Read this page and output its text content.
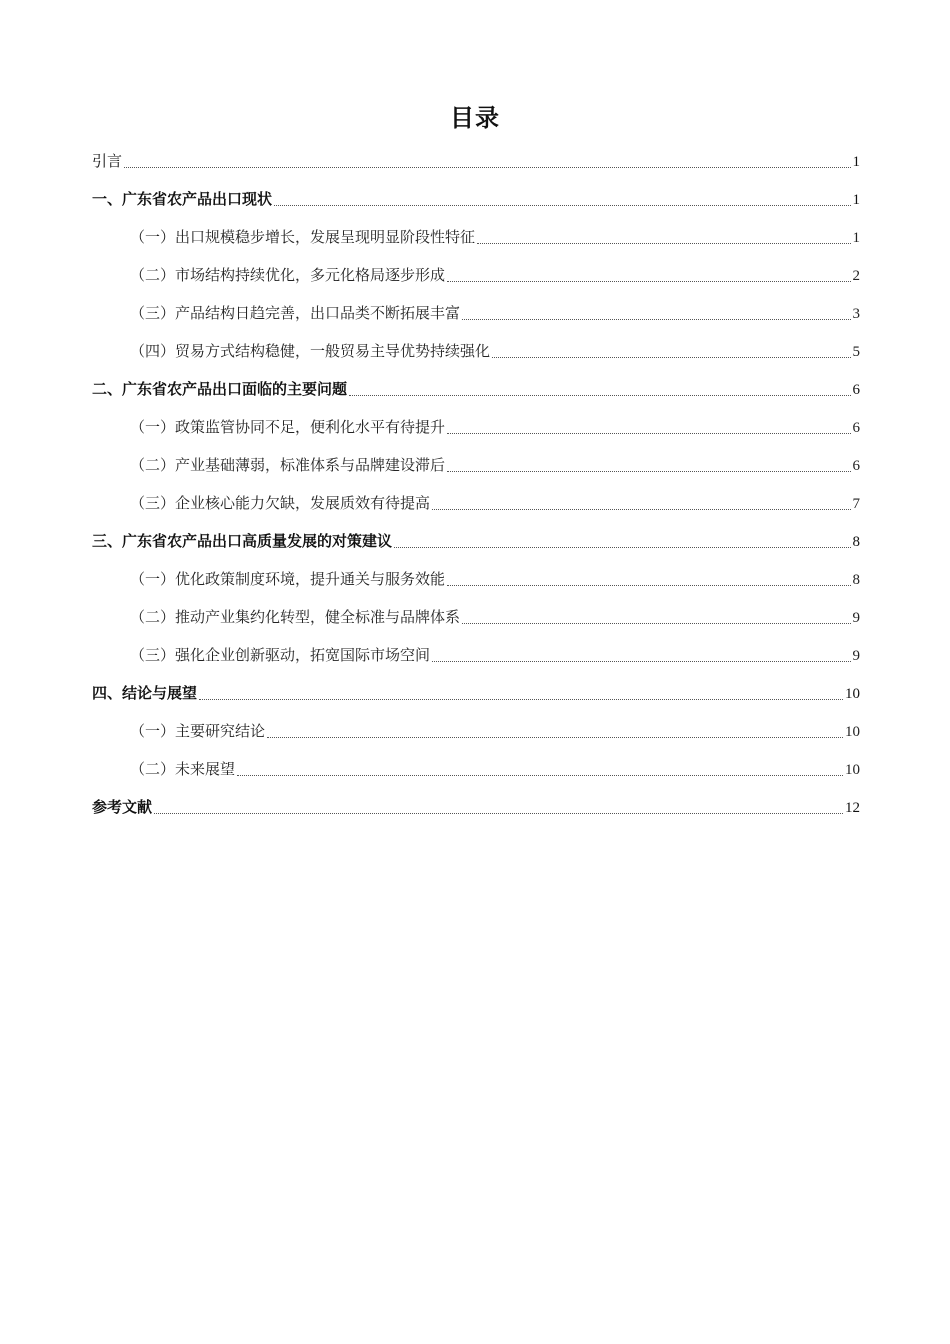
目录
引言	1
一、广东省农产品出口现状	1
（一）出口规模稳步增长，发展呈现明显阶段性特征	1
（二）市场结构持续优化，多元化格局逐步形成	2
（三）产品结构日趋完善，出口品类不断拓展丰富	3
（四）贸易方式结构稳健，一般贸易主导优势持续强化	5
二、广东省农产品出口面临的主要问题	6
（一）政策监管协同不足，便利化水平有待提升	6
（二）产业基础薄弱，标准体系与品牌建设滞后	6
（三）企业核心能力欠缺，发展质效有待提高	7
三、广东省农产品出口高质量发展的对策建议	8
（一）优化政策制度环境，提升通关与服务效能	8
（二）推动产业集约化转型，健全标准与品牌体系	9
（三）强化企业创新驱动，拓宽国际市场空间	9
四、结论与展望	10
（一）主要研究结论	10
（二）未来展望	10
参考文献	12
